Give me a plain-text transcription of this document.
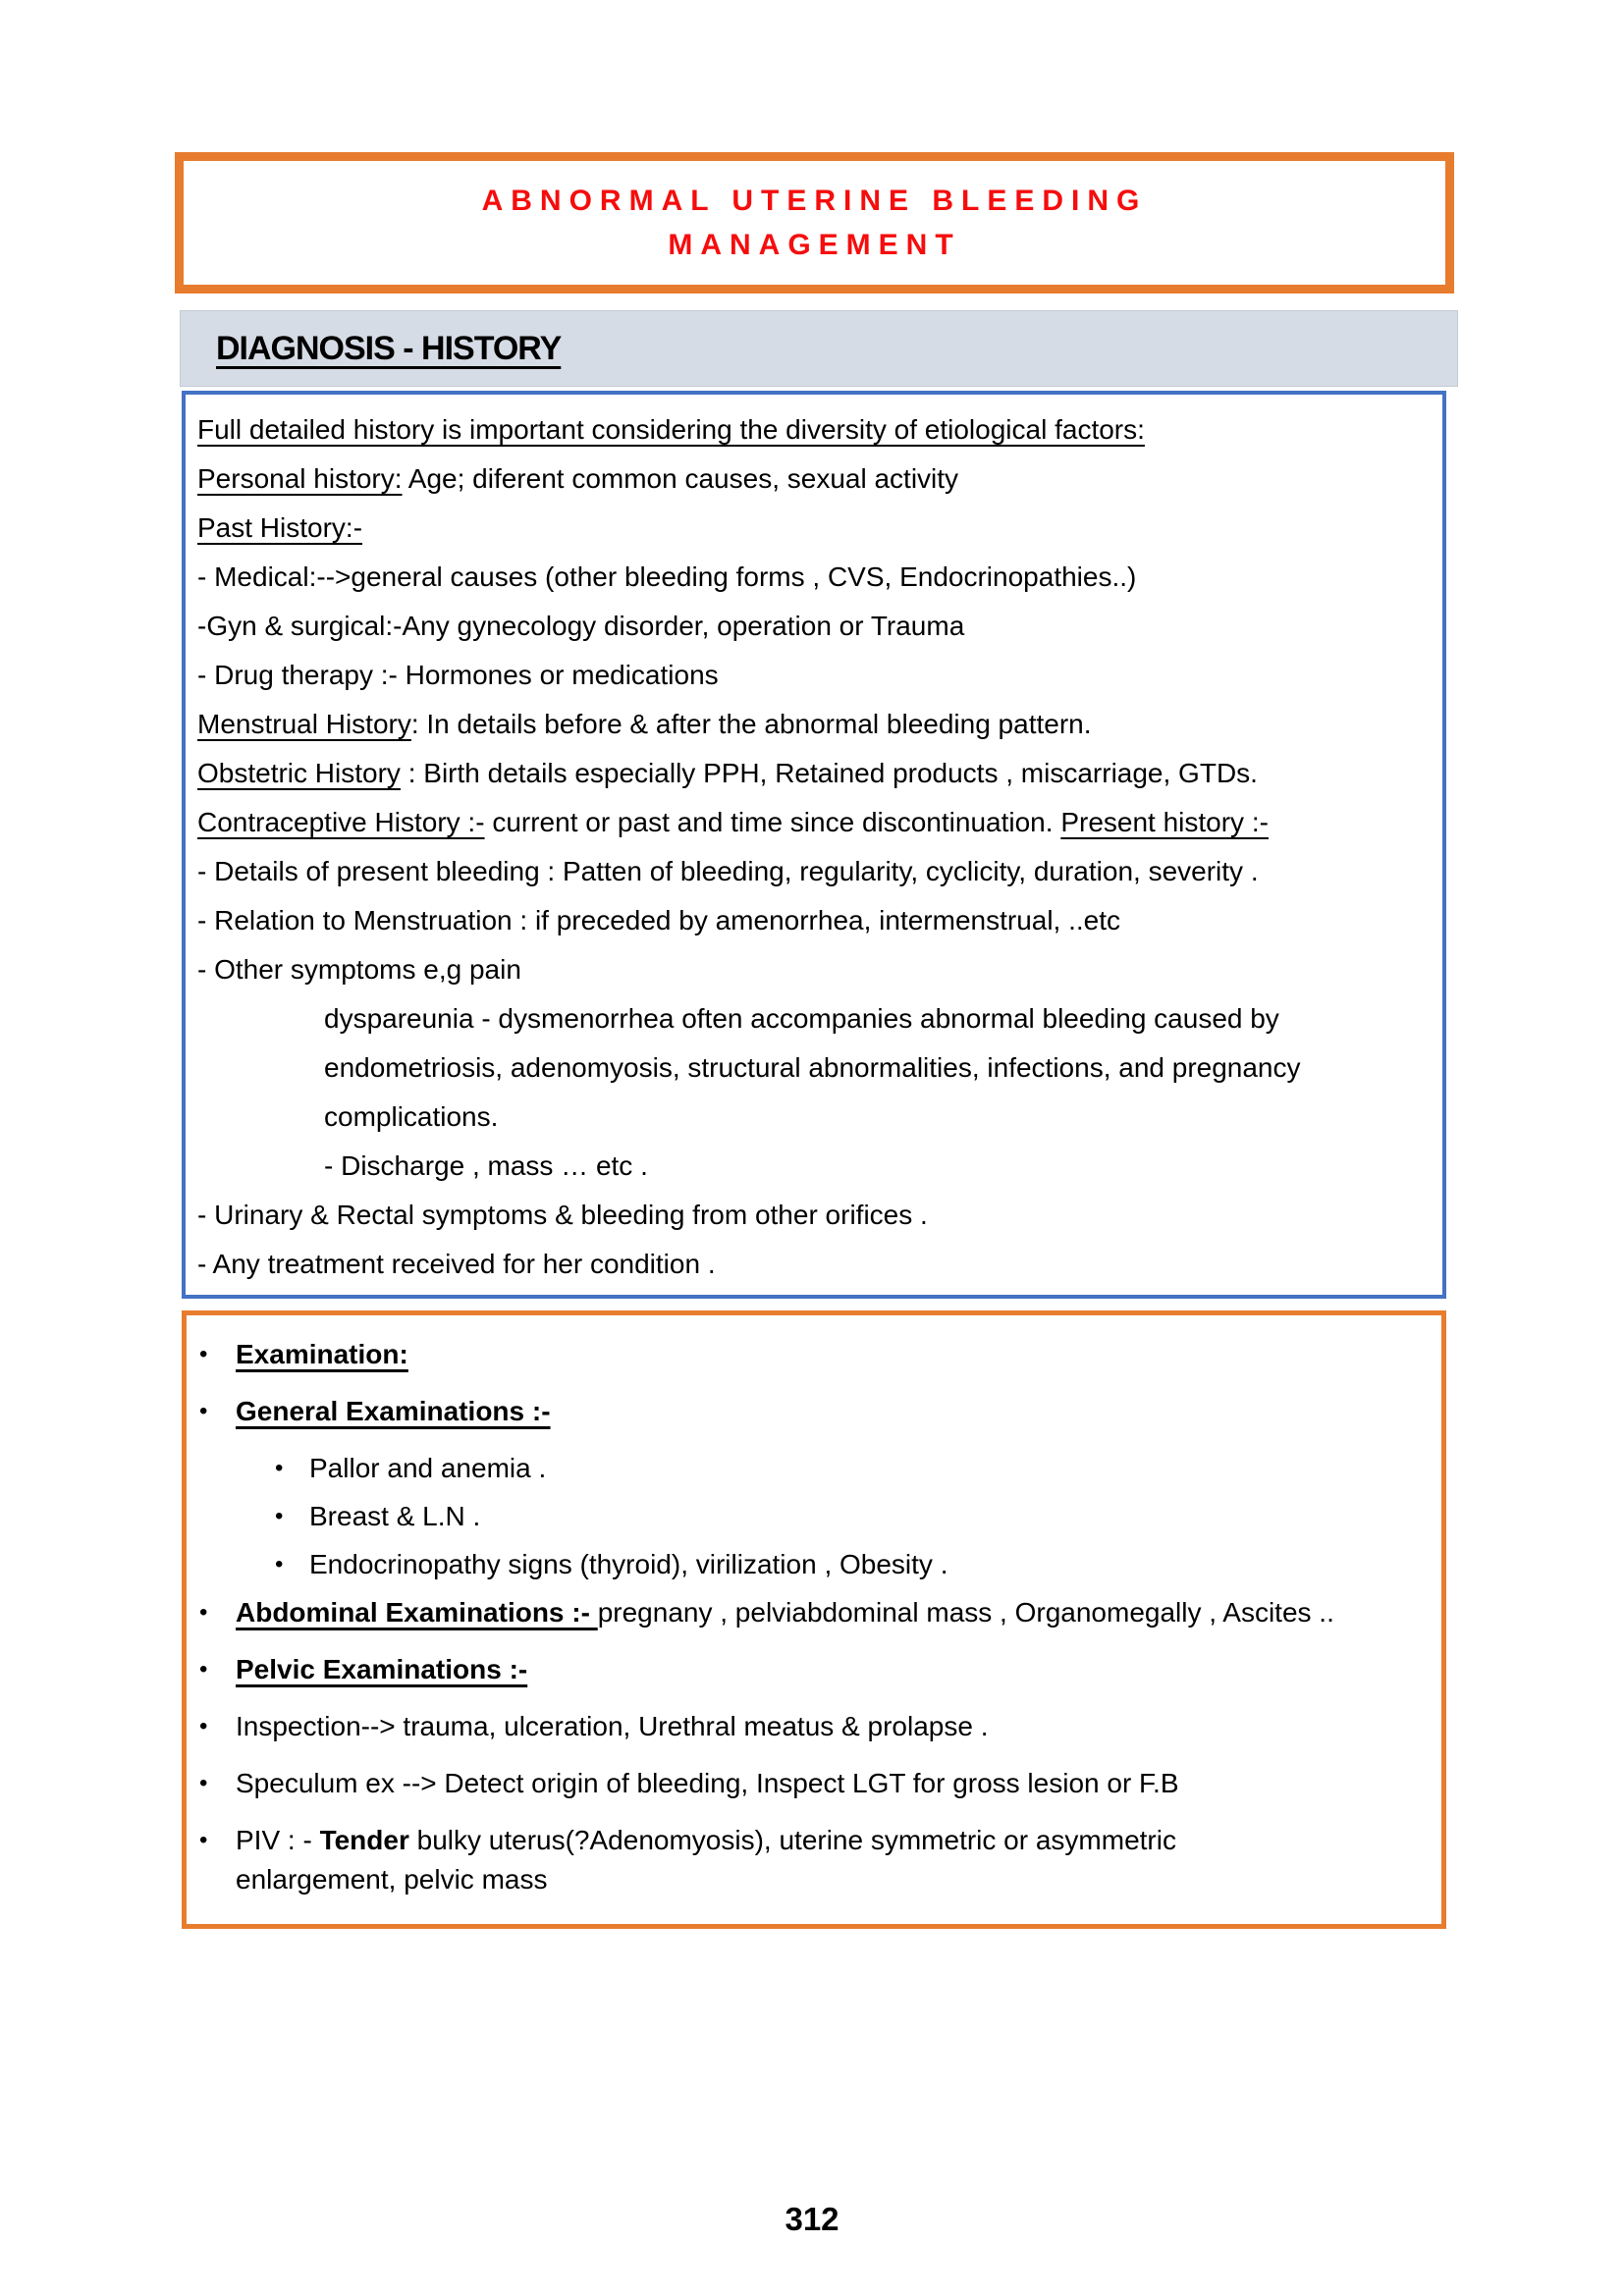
ABNORMAL UTERINE BLEEDING
MANAGEMENT
DIAGNOSIS - HISTORY
Full detailed history is important considering the diversity of etiological factors:
Personal history: Age; diferent common causes, sexual activity
Past History:-
- Medical:-->general causes (other bleeding forms , CVS, Endocrinopathies..)
-Gyn & surgical:-Any gynecology disorder, operation or Trauma
- Drug therapy :- Hormones or medications
Menstrual History: In details before & after the abnormal bleeding pattern.
Obstetric History : Birth details especially PPH, Retained products , miscarriage, GTDs.
Contraceptive History :- current or past and time since discontinuation. Present history :-
- Details of present bleeding : Patten of bleeding, regularity, cyclicity, duration, severity .
- Relation to Menstruation : if preceded by amenorrhea, intermenstrual, ..etc
- Other symptoms e,g pain
dyspareunia - dysmenorrhea often accompanies abnormal bleeding caused by
endometriosis, adenomyosis, structural abnormalities, infections, and pregnancy
complications.
- Discharge , mass … etc .
- Urinary & Rectal symptoms & bleeding from other orifices .
- Any treatment received for her condition .
•	Examination:
•	General Examinations :-
• Pallor and anemia .
• Breast & L.N .
• Endocrinopathy signs (thyroid), virilization , Obesity .
•	Abdominal Examinations :- pregnany , pelviabdominal mass , Organomegally , Ascites ..
•	Pelvic Examinations :-
•	Inspection--> trauma, ulceration, Urethral meatus & prolapse .
•	Speculum ex --> Detect origin of bleeding, Inspect LGT for gross lesion or F.B
•	PIV : - Tender bulky uterus(?Adenomyosis), uterine symmetric or asymmetric
enlargement, pelvic mass
312
